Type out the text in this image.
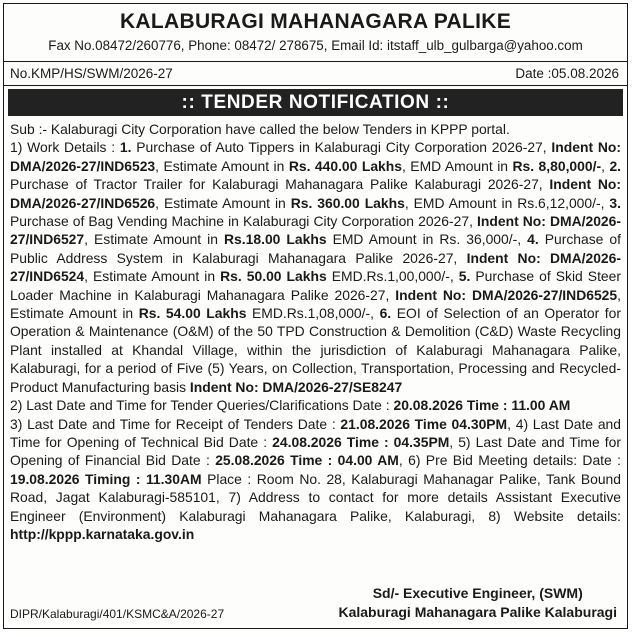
KALABURAGI MAHANAGARA PALIKE
Fax No.08472/260776, Phone: 08472/ 278675, Email Id: itstaff_ulb_gulbarga@yahoo.com
No.KMP/HS/SWM/2026-27	Date :05.08.2026
:: TENDER NOTIFICATION ::
Sub :- Kalaburagi City Corporation have called the below Tenders in KPPP portal.
1) Work Details : 1. Purchase of Auto Tippers in Kalaburagi City Corporation 2026-27, Indent No: DMA/2026-27/IND6523, Estimate Amount in Rs. 440.00 Lakhs, EMD Amount in Rs. 8,80,000/-, 2. Purchase of Tractor Trailer for Kalaburagi Mahanagara Palike Kalaburagi 2026-27, Indent No: DMA/2026-27/IND6526, Estimate Amount in Rs. 360.00 Lakhs, EMD Amount in Rs.6,12,000/-, 3. Purchase of Bag Vending Machine in Kalaburagi City Corporation 2026-27, Indent No: DMA/2026-27/IND6527, Estimate Amount in Rs.18.00 Lakhs EMD Amount in Rs. 36,000/-, 4. Purchase of Public Address System in Kalaburagi Mahanagara Palike 2026-27, Indent No: DMA/2026-27/IND6524, Estimate Amount in Rs. 50.00 Lakhs EMD.Rs.1,00,000/-, 5. Purchase of Skid Steer Loader Machine in Kalaburagi Mahanagara Palike 2026-27, Indent No: DMA/2026-27/IND6525, Estimate Amount in Rs. 54.00 Lakhs EMD.Rs.1,08,000/-, 6. EOI of Selection of an Operator for Operation & Maintenance (O&M) of the 50 TPD Construction & Demolition (C&D) Waste Recycling Plant installed at Khandal Village, within the jurisdiction of Kalaburagi Mahanagara Palike, Kalaburagi, for a period of Five (5) Years, on Collection, Transportation, Processing and Recycled-Product Manufacturing basis Indent No: DMA/2026-27/SE8247
2) Last Date and Time for Tender Queries/Clarifications Date : 20.08.2026 Time : 11.00 AM
3) Last Date and Time for Receipt of Tenders Date : 21.08.2026 Time 04.30PM, 4) Last Date and Time for Opening of Technical Bid Date : 24.08.2026 Time : 04.35PM, 5) Last Date and Time for Opening of Financial Bid Date : 25.08.2026 Time : 04.00 AM, 6) Pre Bid Meeting details: Date : 19.08.2026 Timing : 11.30AM Place : Room No. 28, Kalaburagi Mahanagar Palike, Tank Bound Road, Jagat Kalaburagi-585101, 7) Address to contact for more details Assistant Executive Engineer (Environment) Kalaburagi Mahanagara Palike, Kalaburagi, 8) Website details: http://kppp.karnataka.gov.in
DIPR/Kalaburagi/401/KSMC&A/2026-27
Sd/- Executive Engineer, (SWM)
Kalaburagi Mahanagara Palike Kalaburagi
